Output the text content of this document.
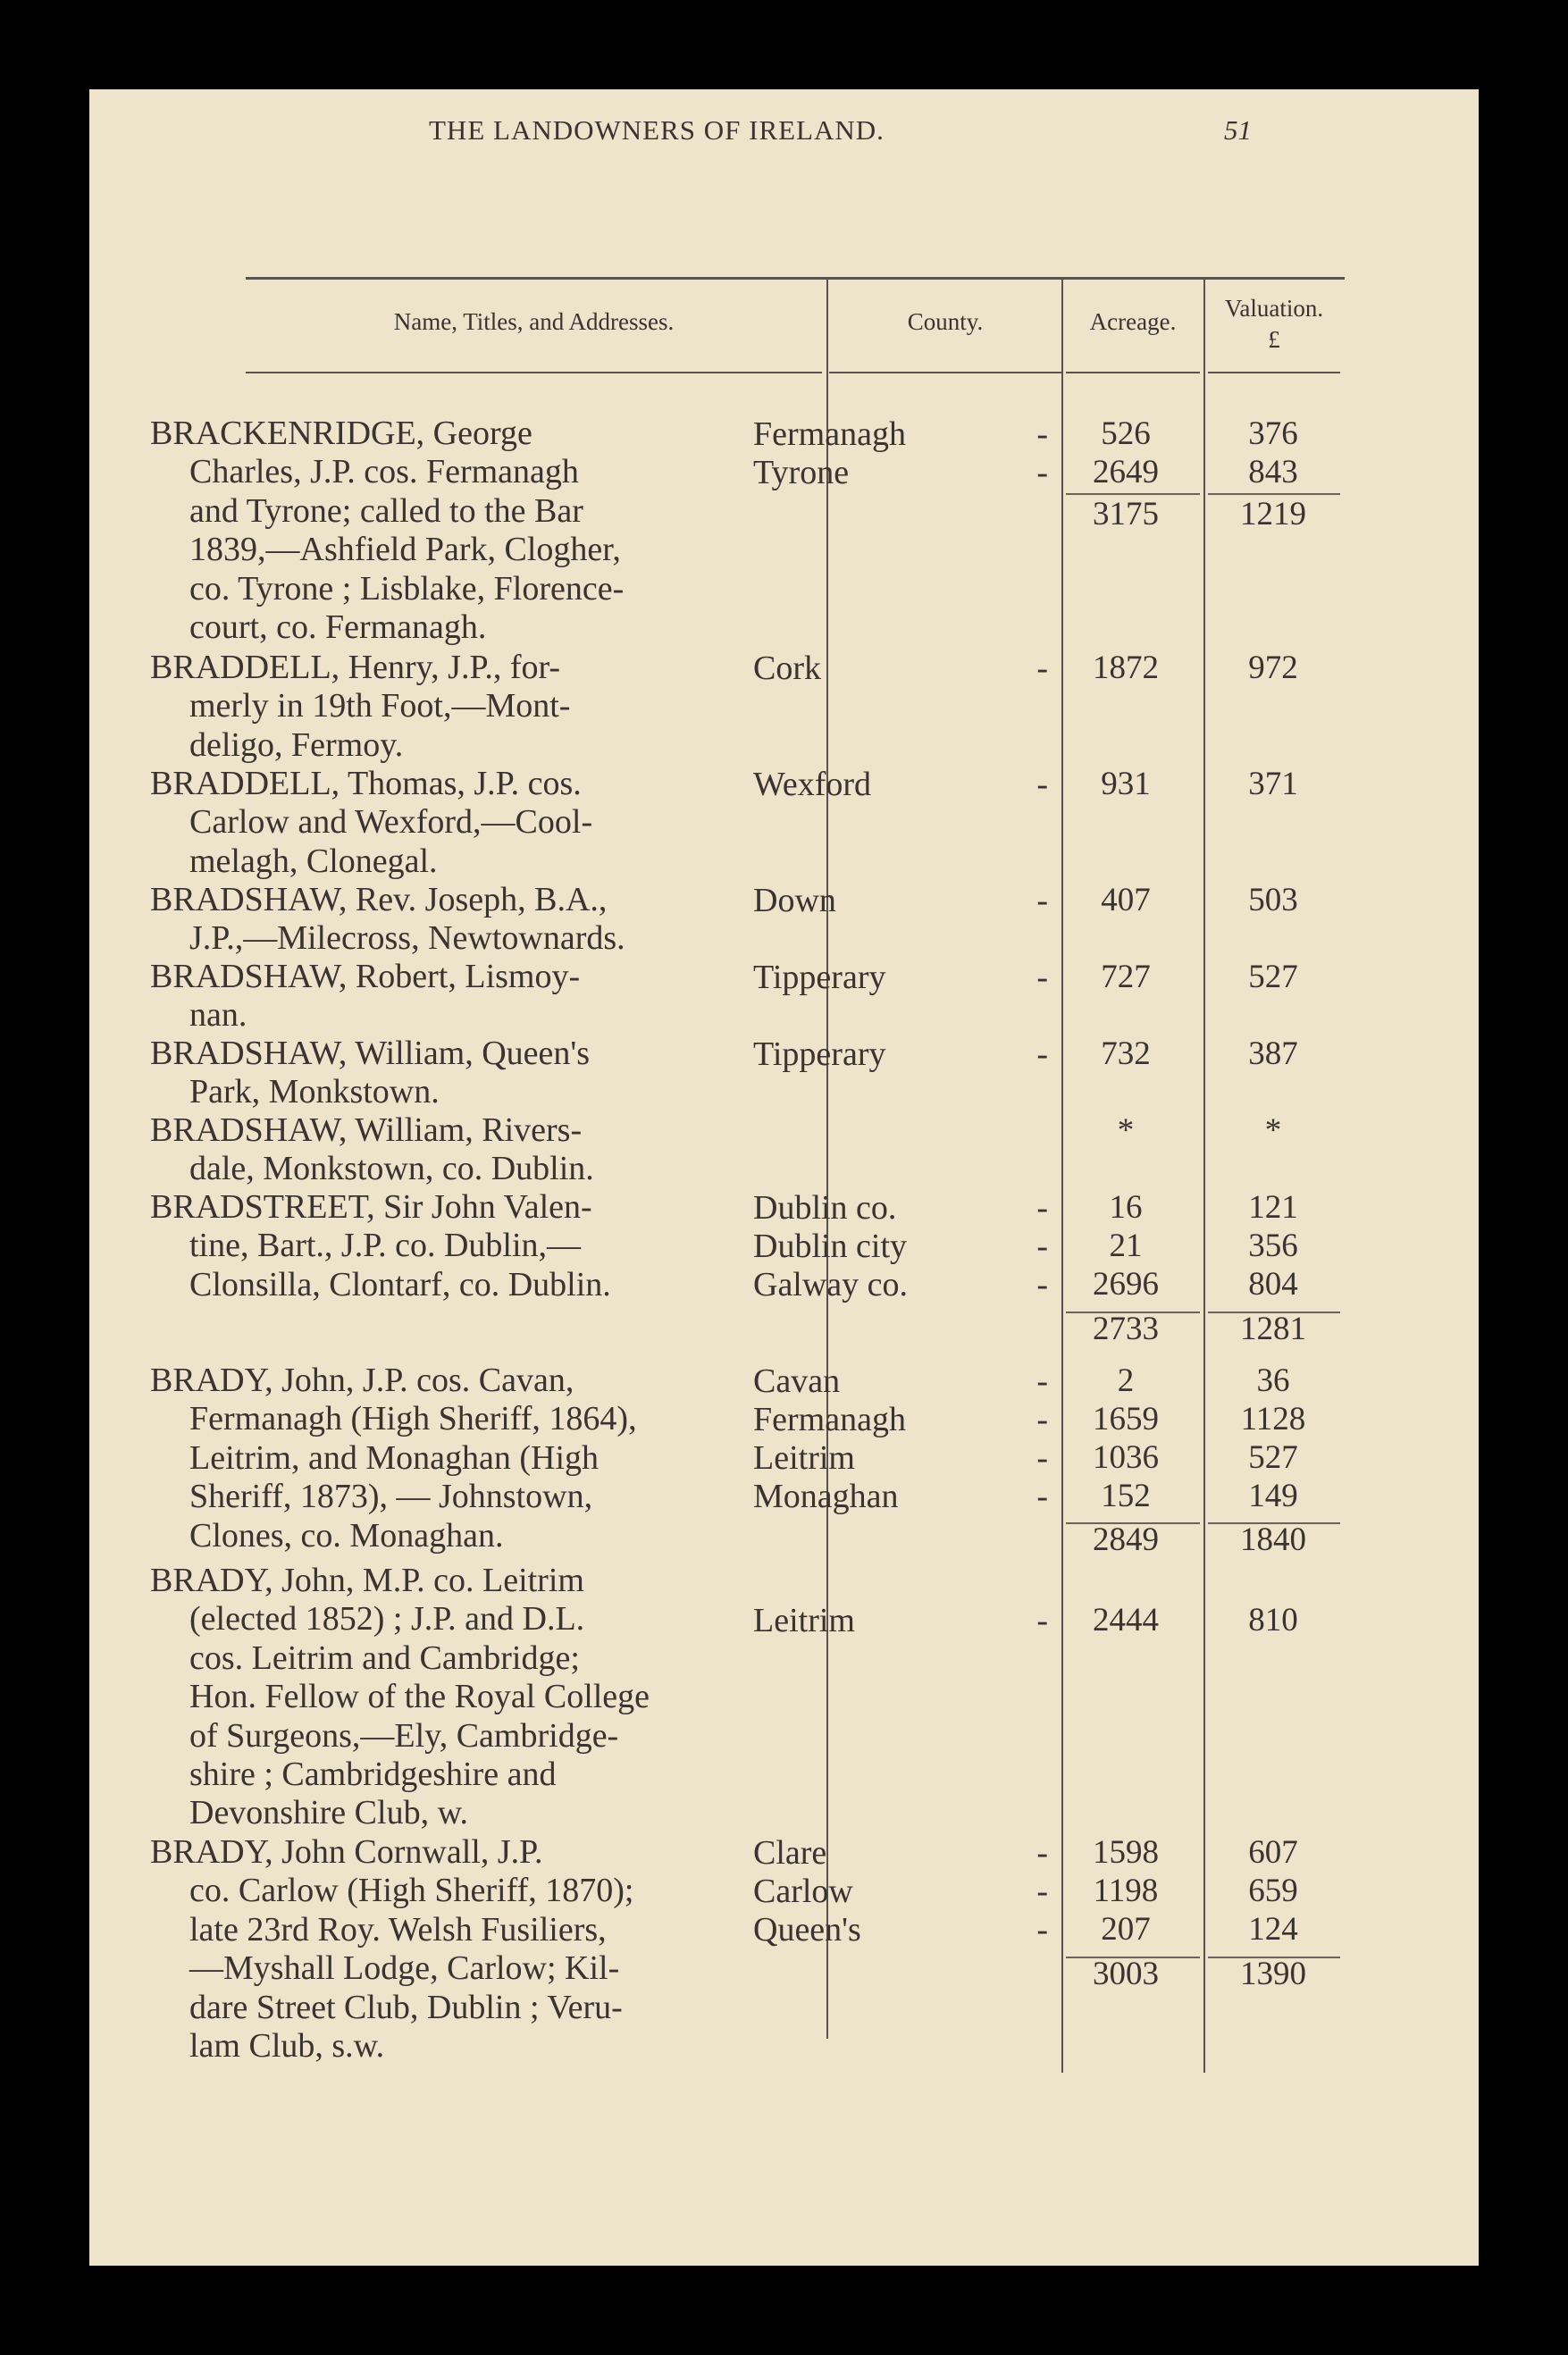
THE LANDOWNERS OF IRELAND.	51
Name, Titles, and Addresses.	County.	Acreage.	Valuation.
£
BRACKENRIDGE, George
Charles, J.P. cos. Fermanagh
and Tyrone; called to the Bar
1839,—Ashfield Park, Clogher,
co. Tyrone ; Lisblake, Florence-
court, co. Fermanagh.
Fermanagh	-	526	376
Tyrone	-	2649	843
3175	1219
BRADDELL, Henry, J.P., for-
merly in 19th Foot,—Mont-
deligo, Fermoy.
Cork	-	1872	972
BRADDELL, Thomas, J.P. cos.
Carlow and Wexford,—Cool-
melagh, Clonegal.
Wexford	-	931	371
BRADSHAW, Rev. Joseph, B.A.,
J.P.,—Milecross, Newtownards.
Down	-	407	503
BRADSHAW, Robert, Lismoy-
nan.
Tipperary	-	727	527
BRADSHAW, William, Queen's
Park, Monkstown.
Tipperary	-	732	387
BRADSHAW, William, Rivers-
dale, Monkstown, co. Dublin.
*	*
BRADSTREET, Sir John Valen-
tine, Bart., J.P. co. Dublin,—
Clonsilla, Clontarf, co. Dublin.
Dublin co.	-	16	121
Dublin city	-	21	356
Galway co.	-	2696	804
2733	1281
BRADY, John, J.P. cos. Cavan,
Fermanagh (High Sheriff, 1864),
Leitrim, and Monaghan (High
Sheriff, 1873), — Johnstown,
Clones, co. Monaghan.
Cavan	-	2	36
Fermanagh	-	1659	1128
Leitrim	-	1036	527
Monaghan	-	152	149
2849	1840
BRADY, John, M.P. co. Leitrim
(elected 1852) ; J.P. and D.L.
cos. Leitrim and Cambridge;
Hon. Fellow of the Royal College
of Surgeons,—Ely, Cambridge-
shire ; Cambridgeshire and
Devonshire Club, w.
Leitrim	-	2444	810
BRADY, John Cornwall, J.P.
co. Carlow (High Sheriff, 1870);
late 23rd Roy. Welsh Fusiliers,
—Myshall Lodge, Carlow; Kil-
dare Street Club, Dublin ; Veru-
lam Club, s.w.
Clare	-	1598	607
Carlow	-	1198	659
Queen's	-	207	124
3003	1390
